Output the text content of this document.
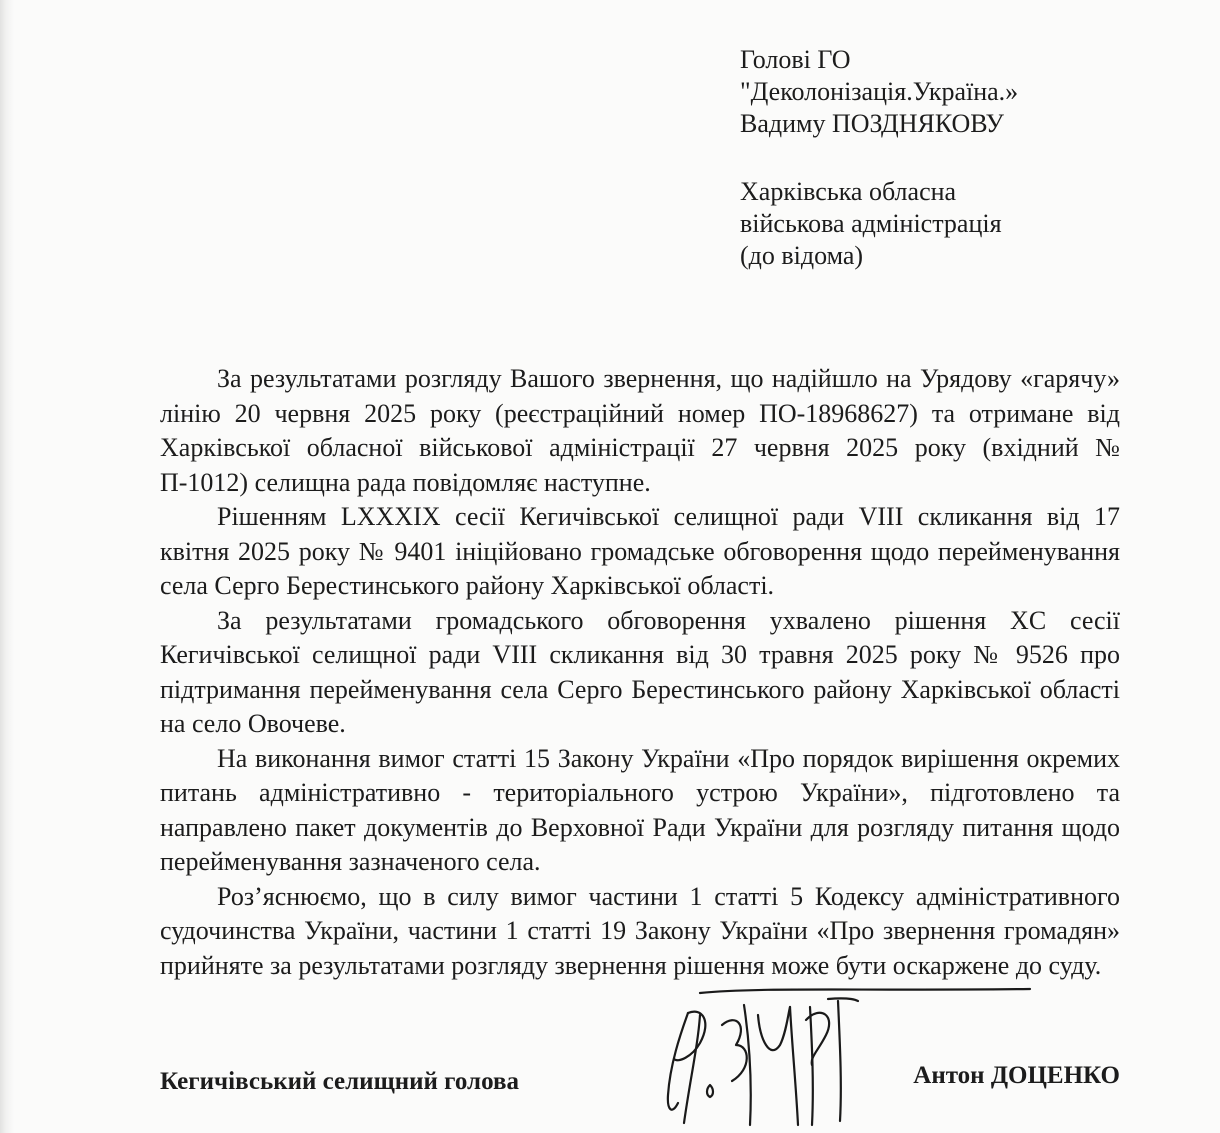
Голові ГО
"Деколонізація.Україна.»
Вадиму ПОЗДНЯКОВУ
Харківська обласна
військова адміністрація
(до відома)

За результатами розгляду Вашого звернення, що надійшло на Урядову «гарячу» лінію 20 червня 2025 року (реєстраційний номер ПО-18968627) та отримане від Харківської обласної військової адміністрації 27 червня 2025 року (вхідний № П-1012) селищна рада повідомляє наступне.

Рішенням LXXXIX сесії Кегичівської селищної ради VIII скликання від 17 квітня 2025 року № 9401 ініційовано громадське обговорення щодо перейменування села Серго Берестинського району Харківської області.

За результатами громадського обговорення ухвалено рішення XC сесії Кегичівської селищної ради VIII скликання від 30 травня 2025 року № 9526 про підтримання перейменування села Серго Берестинського району Харківської області на село Овочеве.

На виконання вимог статті 15 Закону України «Про порядок вирішення окремих питань адміністративно - територіального устрою України», підготовлено та направлено пакет документів до Верховної Ради України для розгляду питання щодо перейменування зазначеного села.

Роз’яснюємо, що в силу вимог частини 1 статті 5 Кодексу адміністративного судочинства України, частини 1 статті 19 Закону України «Про звернення громадян» прийняте за результатами розгляду звернення рішення може бути оскаржене до суду.

Кегичівський селищний голова	Антон ДОЦЕНКО
